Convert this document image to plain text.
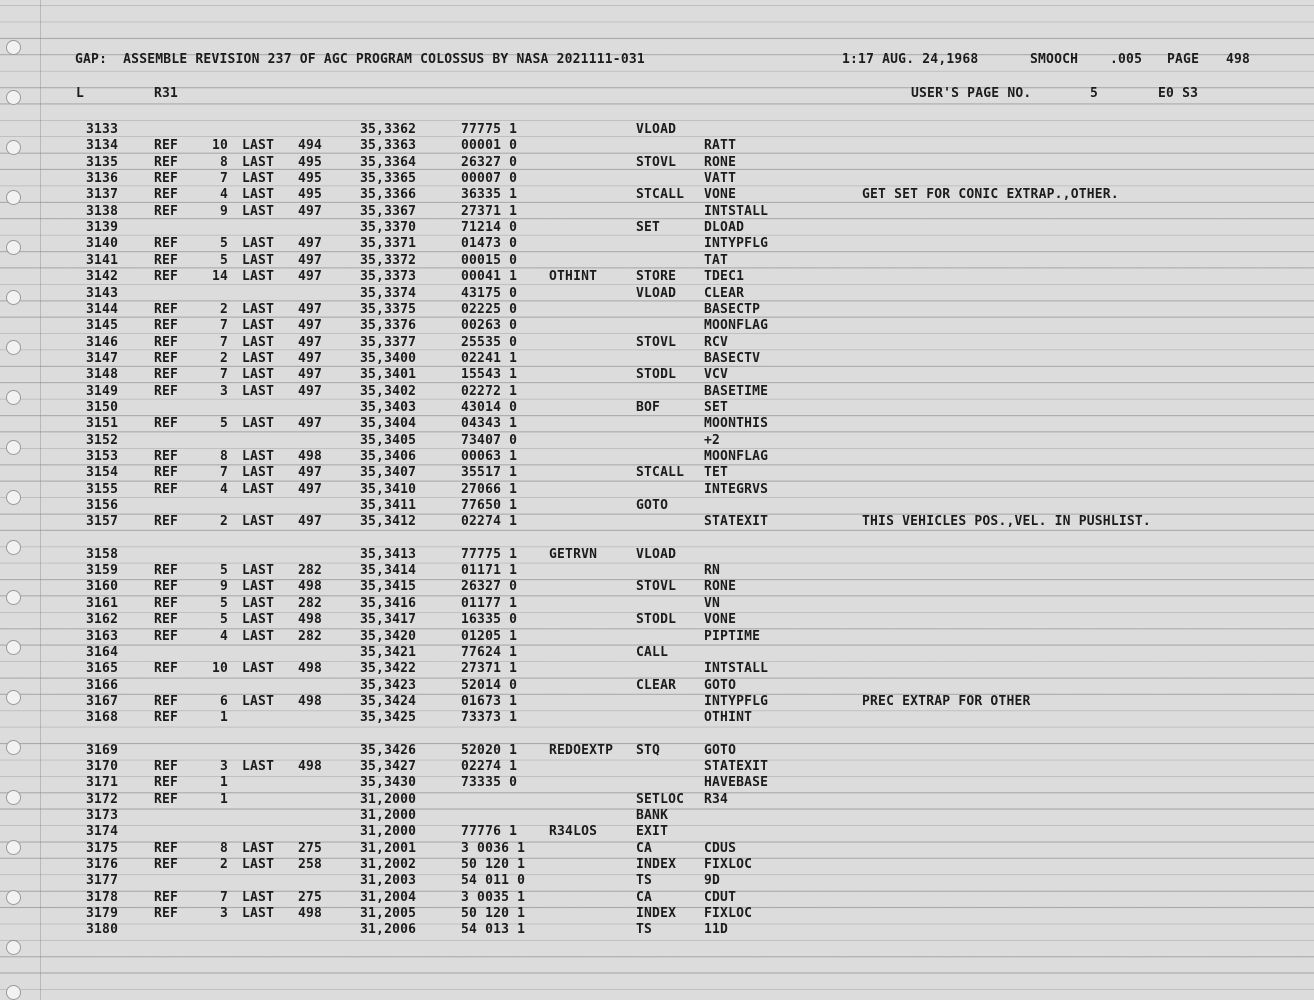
GAP:  ASSEMBLE REVISION 237 OF AGC PROGRAM COLOSSUS BY NASA 2021111-031	1:17 AUG. 24,1968	SMOOCH .005 PAGE 498
L	R31	USER'S PAGE NO.	5	E0 S3
3133	35,3362	77775 1	VLOAD
3134	REF	10 LAST 494	35,3363	00001 0	RATT
3135	REF	8 LAST 495	35,3364	26327 0	STOVL RONE
3136	REF	7 LAST 495	35,3365	00007 0	VATT
3137	REF	4 LAST 495	35,3366	36335 1	STCALL VONE	GET SET FOR CONIC EXTRAP.,OTHER.
3138	REF	9 LAST 497	35,3367	27371 1	INTSTALL
3139	35,3370	71214 0	SET	DLOAD
3140	REF	5 LAST 497	35,3371	01473 0	INTYPFLG
3141	REF	5 LAST 497	35,3372	00015 0	TAT
3142	REF	14 LAST 497	35,3373	00041 1 OTHINT	STORE TDEC1
3143	35,3374	43175 0	VLOAD CLEAR
3144	REF	2 LAST 497	35,3375	02225 0	BASECTP
3145	REF	7 LAST 497	35,3376	00263 0	MOONFLAG
3146	REF	7 LAST 497	35,3377	25535 0	STOVL RCV
3147	REF	2 LAST 497	35,3400	02241 1	BASECTV
3148	REF	7 LAST 497	35,3401	15543 1	STODL VCV
3149	REF	3 LAST 497	35,3402	02272 1	BASETIME
3150	35,3403	43014 0	BOF	SET
3151	REF	5 LAST 497	35,3404	04343 1	MOONTHIS
3152	35,3405	73407 0	+2
3153	REF	8 LAST 498	35,3406	00063 1	MOONFLAG
3154	REF	7 LAST 497	35,3407	35517 1	STCALL TET
3155	REF	4 LAST 497	35,3410	27066 1	INTEGRVS
3156	35,3411	77650 1	GOTO
3157	REF	2 LAST 497	35,3412	02274 1	STATEXIT	THIS VEHICLES POS.,VEL. IN PUSHLIST.
3158	35,3413	77775 1 GETRVN	VLOAD
3159	REF	5 LAST 282	35,3414	01171 1	RN
3160	REF	9 LAST 498	35,3415	26327 0	STOVL RONE
3161	REF	5 LAST 282	35,3416	01177 1	VN
3162	REF	5 LAST 498	35,3417	16335 0	STODL VONE
3163	REF	4 LAST 282	35,3420	01205 1	PIPTIME
3164	35,3421	77624 1	CALL
3165	REF	10 LAST 498	35,3422	27371 1	INTSTALL
3166	35,3423	52014 0	CLEAR GOTO
3167	REF	6 LAST 498	35,3424	01673 1	INTYPFLG	PREC EXTRAP FOR OTHER
3168	REF	1	35,3425	73373 1	OTHINT
3169	35,3426	52020 1 REDOEXTP STQ	GOTO
3170	REF	3 LAST 498	35,3427	02274 1	STATEXIT
3171	REF	1	35,3430	73335 0	HAVEBASE
3172	REF	1	31,2000	SETLOC R34
3173	31,2000	BANK
3174	31,2000	77776 1 R34LOS	EXIT
3175	REF	8 LAST 275	31,2001	3 0036 1	CA	CDUS
3176	REF	2 LAST 258	31,2002	50 120 1	INDEX FIXLOC
3177	31,2003	54 011 0	TS	9D
3178	REF	7 LAST 275	31,2004	3 0035 1	CA	CDUT
3179	REF	3 LAST 498	31,2005	50 120 1	INDEX FIXLOC
3180	31,2006	54 013 1	TS	11D
